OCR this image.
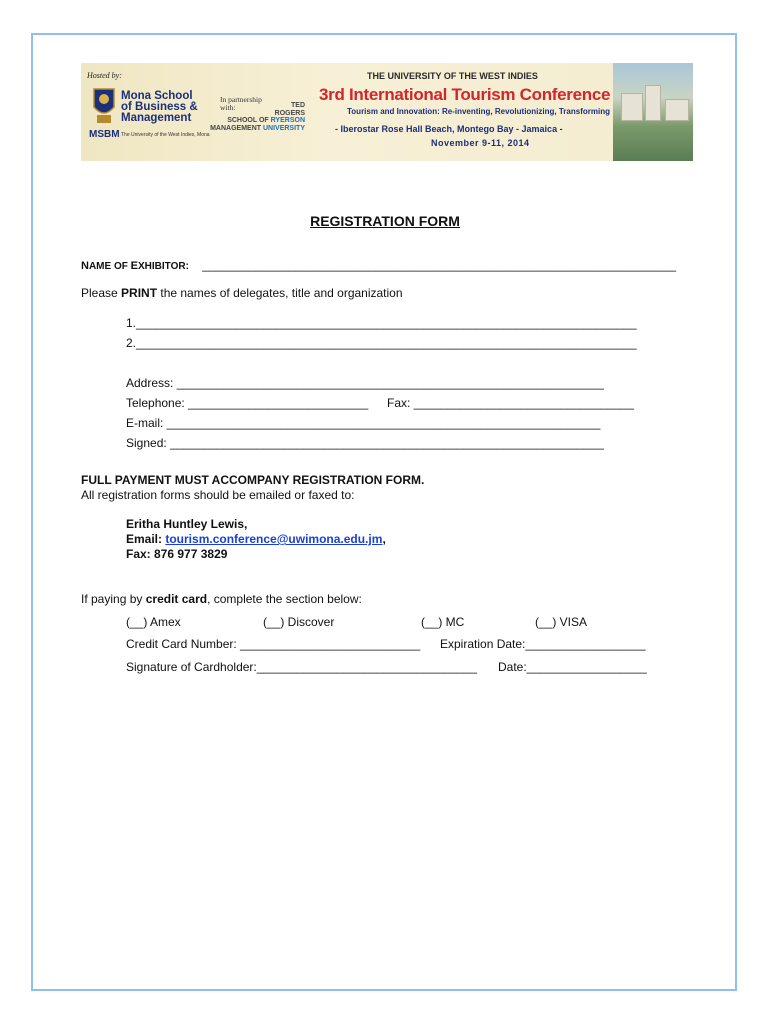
Hosted by:
Mona School
of Business &
Management
MSBM The University of the West Indies, Mona
In partnership
with:	TED
ROGERS
SCHOOL OF RYERSON
MANAGEMENT UNIVERSITY
THE UNIVERSITY OF THE WEST INDIES
3rd International Tourism Conference
Tourism and Innovation: Re-inventing, Revolutionizing, Transforming
- Iberostar Rose Hall Beach, Montego Bay - Jamaica -
November 9-11, 2014
REGISTRATION FORM
NAME OF EXHIBITOR: _______________________________________________________________________
Please PRINT the names of delegates, title and organization
1.___________________________________________________________________________
2.___________________________________________________________________________
Address: ________________________________________________________________
Telephone: ___________________________ Fax: _________________________________
E-mail: _________________________________________________________________
Signed: _________________________________________________________________
FULL PAYMENT MUST ACCOMPANY REGISTRATION FORM.
All registration forms should be emailed or faxed to:
Eritha Huntley Lewis,
Email: tourism.conference@uwimona.edu.jm,
Fax: 876 977 3829
If paying by credit card, complete the section below:
(__) Amex	(__) Discover	(__) MC	(__) VISA
Credit Card Number: ___________________________ Expiration Date:__________________
Signature of Cardholder:_________________________________ Date:__________________
